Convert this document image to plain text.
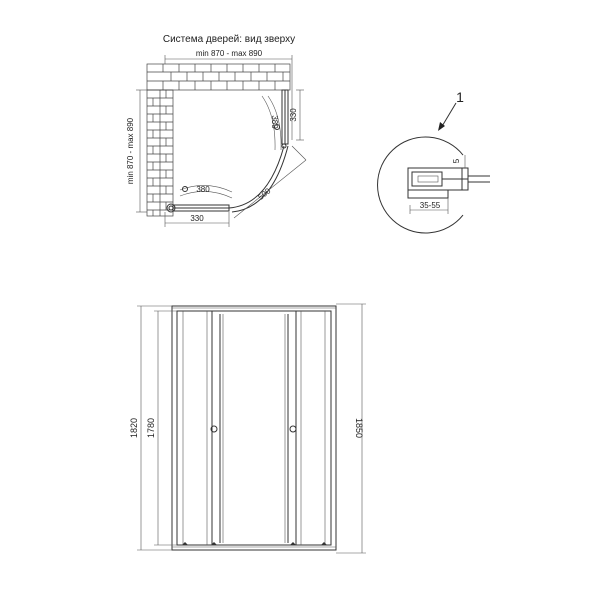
Система дверей: вид зверху
min 870 - max 890
min 870 - max 890	380
380
330
330
500
1
5
35-55
1820 1780	1850
